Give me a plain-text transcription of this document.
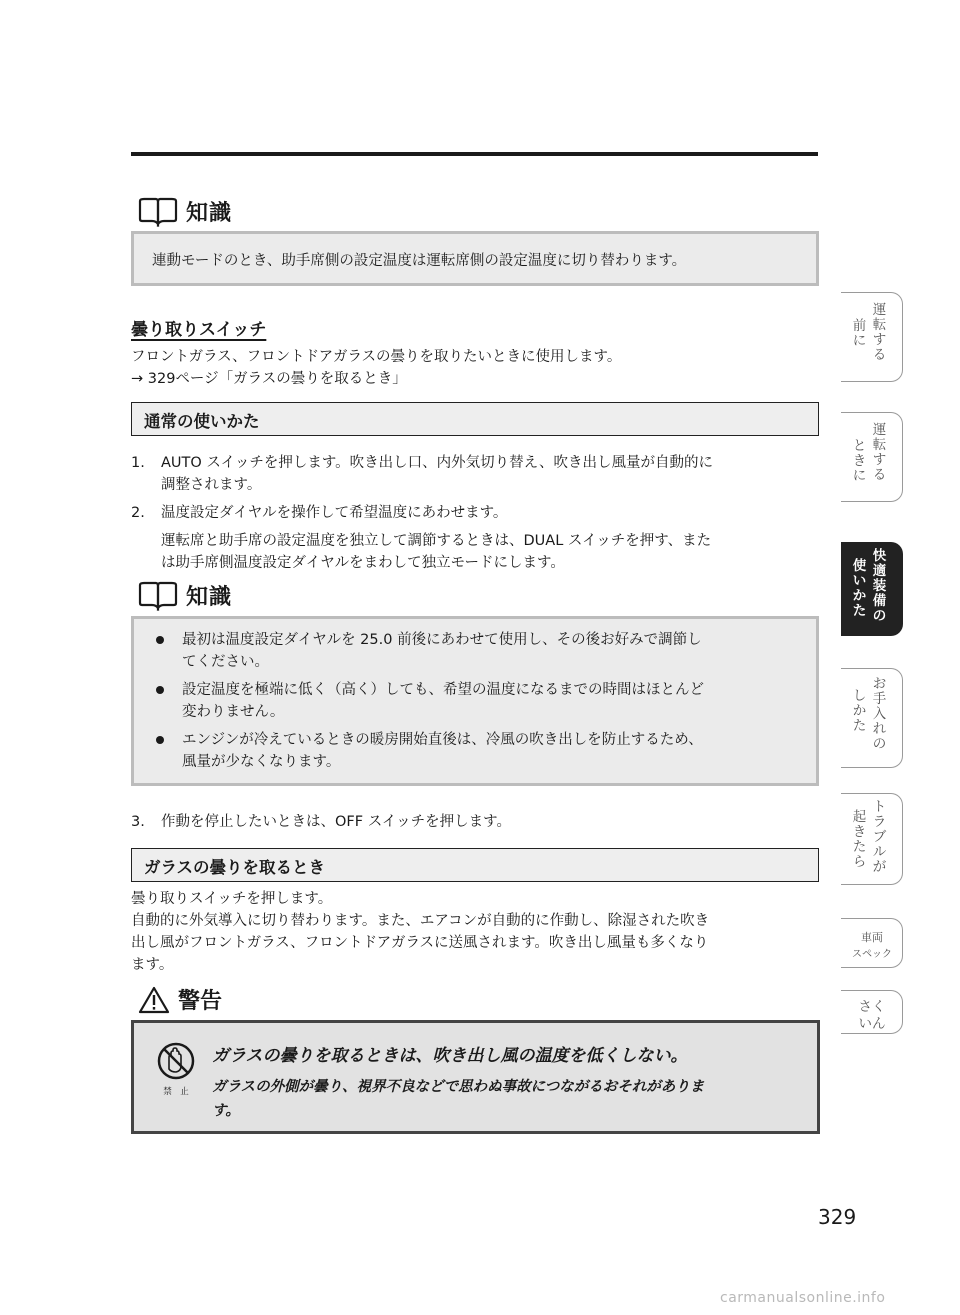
知識
連動モードのとき、助手席側の設定温度は運転席側の設定温度に切り替わります。
曇り取りスイッチ
フロントガラス、フロントドアガラスの曇りを取りたいときに使用します。
→ 329ページ「ガラスの曇りを取るとき」
通常の使いかた
1. AUTO スイッチを押します。吹き出し口、内外気切り替え、吹き出し風量が自動的に
調整されます。
2. 温度設定ダイヤルを操作して希望温度にあわせます。
運転席と助手席の設定温度を独立して調節するときは、DUAL スイッチを押す、また
は助手席側温度設定ダイヤルをまわして独立モードにします。
知識
最初は温度設定ダイヤルを 25.0 前後にあわせて使用し、その後お好みで調節し
てください。
設定温度を極端に低く（高く）しても、希望の温度になるまでの時間はほとんど
変わりません。
エンジンが冷えているときの暖房開始直後は、冷風の吹き出しを防止するため、
風量が少なくなります。
3. 作動を停止したいときは、OFF スイッチを押します。
ガラスの曇りを取るとき
曇り取りスイッチを押します。
自動的に外気導入に切り替わります。また、エアコンが自動的に作動し、除湿された吹き
出し風がフロントガラス、フロントドアガラスに送風されます。吹き出し風量も多くなり
ます。
警告
禁　止
ガラスの曇りを取るときは、吹き出し風の温度を低くしない。
ガラスの外側が曇り、視界不良などで思わぬ事故につながるおそれがありま
す。
運転する
前に
運転する
ときに
快適装備の
使いかた
お手入れの
しかた
トラブルが
起きたら
車両
スペック
さく
いん
329
carmanualsonline.info
